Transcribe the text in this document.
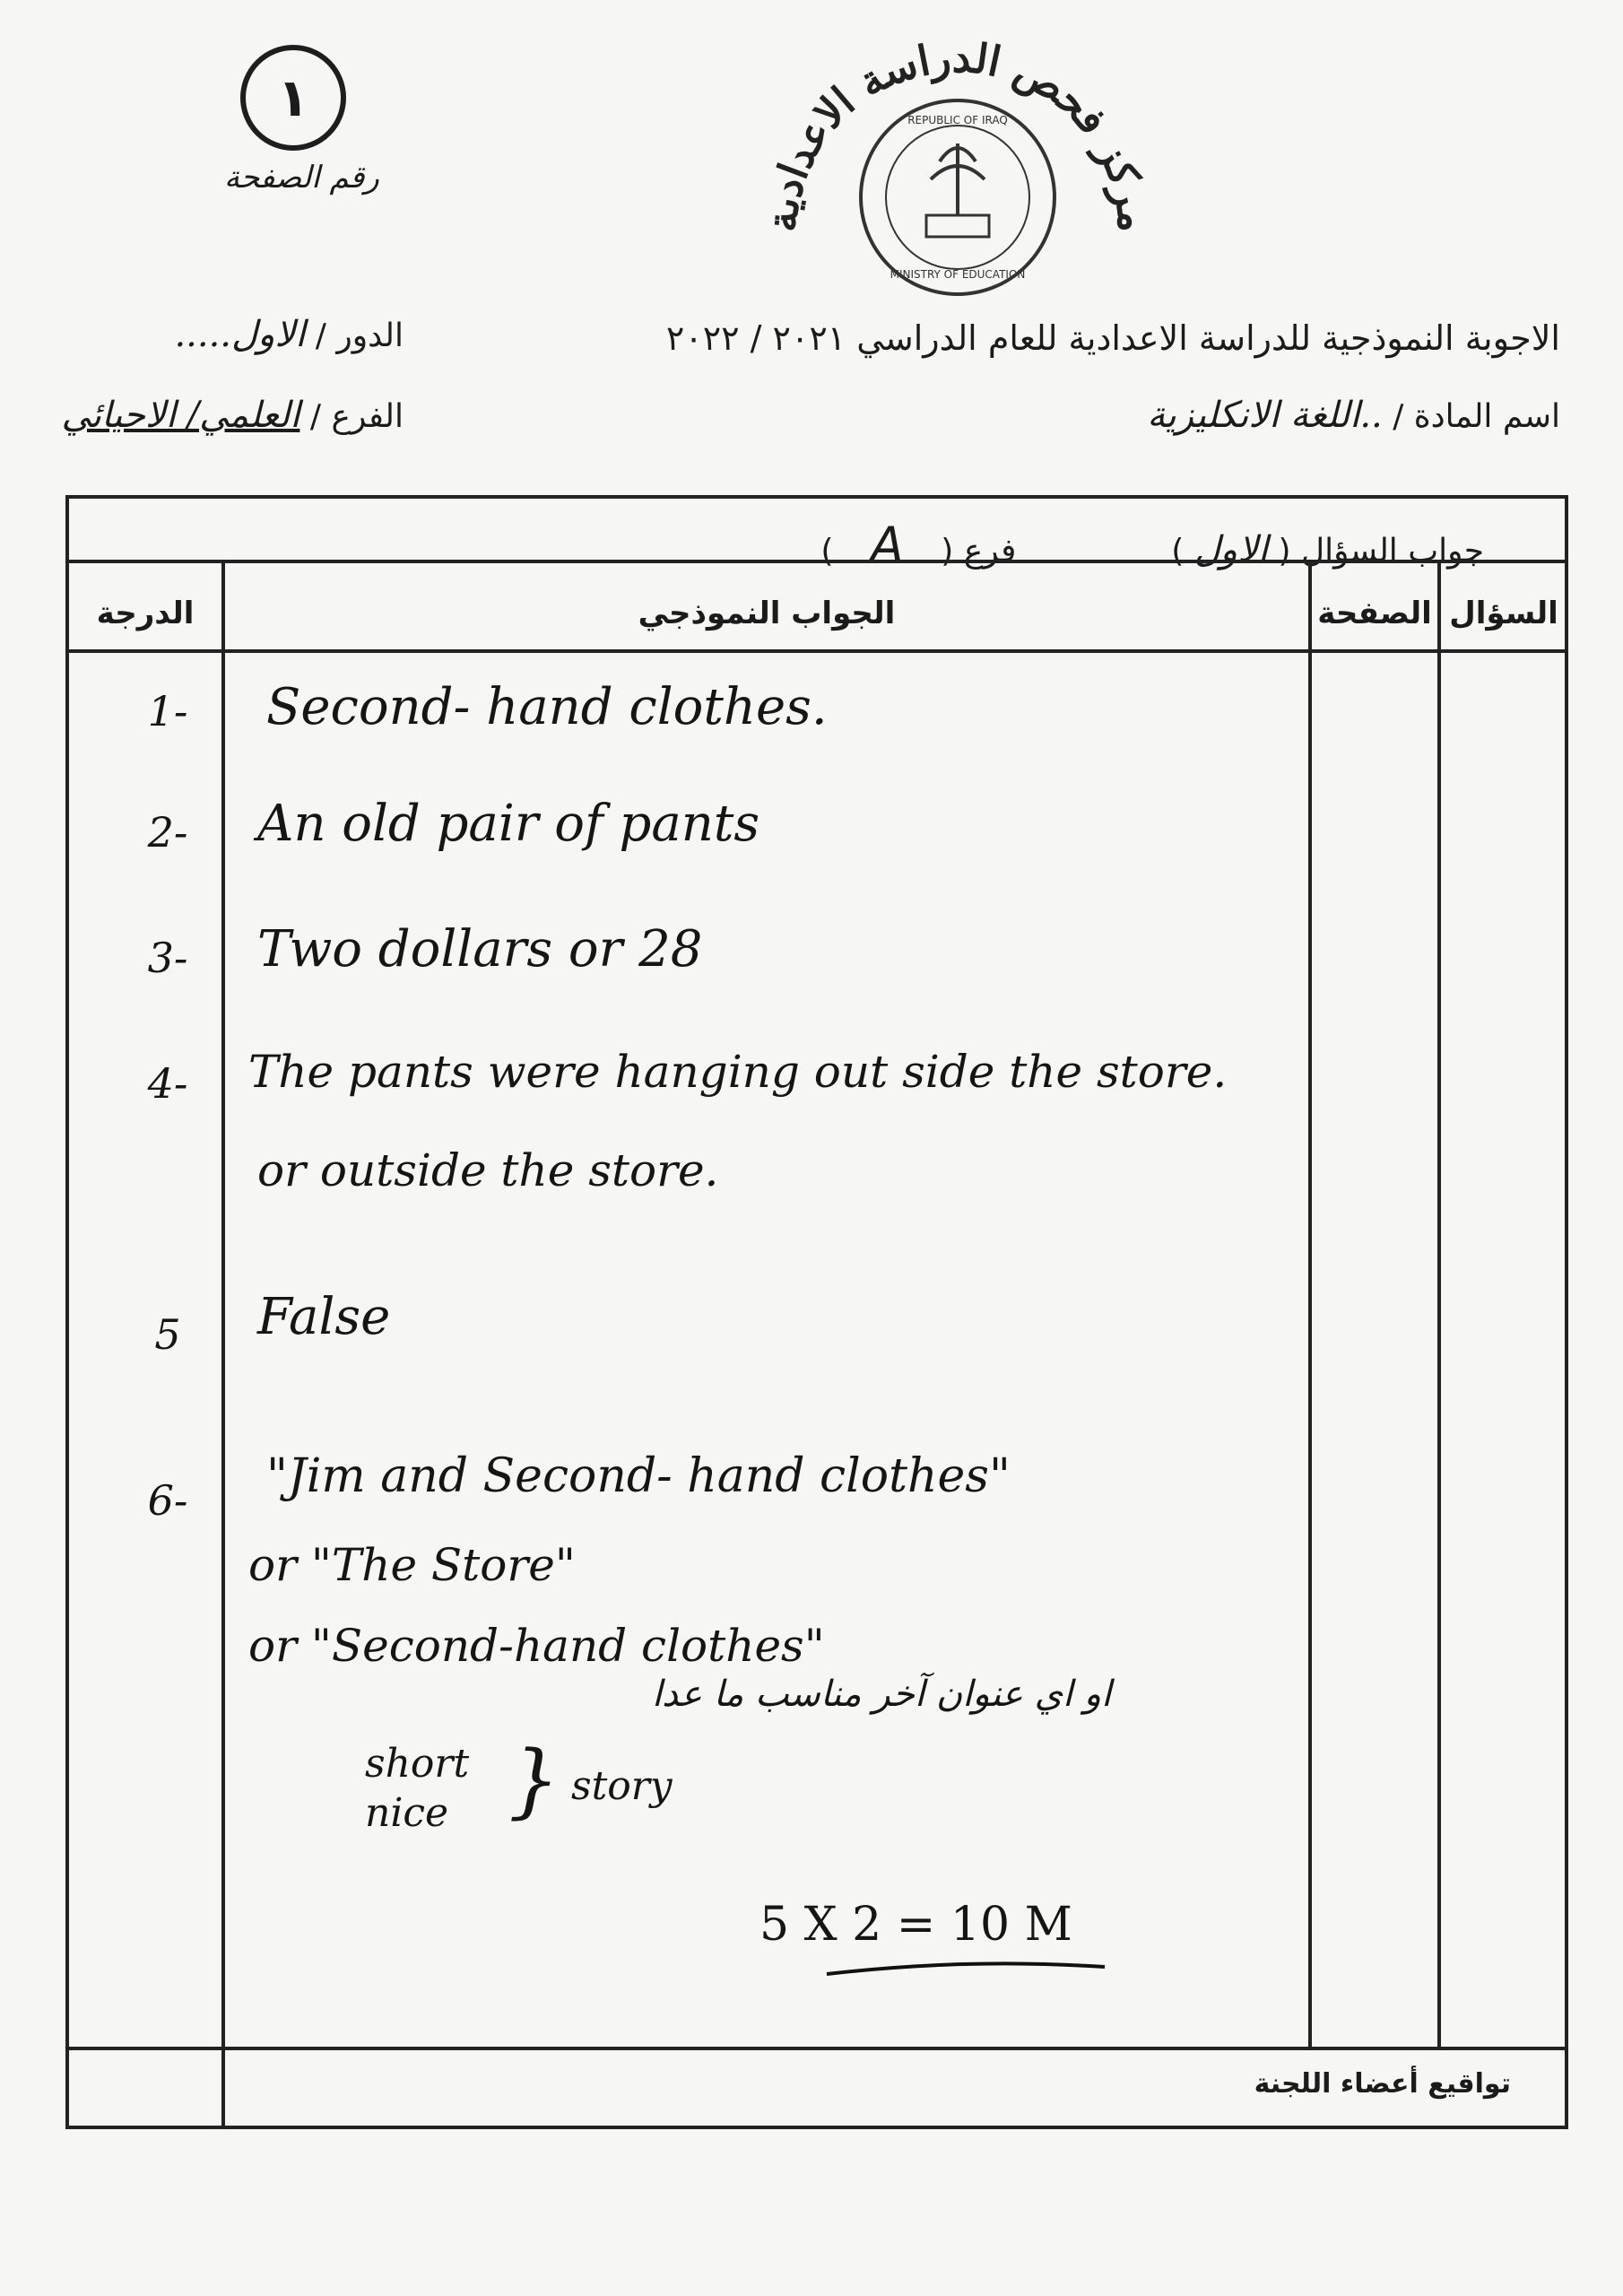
١
رقم الصفحة
مركز فحص الدراسة الاعدادية
REPUBLIC OF IRAQ
MINISTRY OF EDUCATION
الدور / الاول.....
الفرع / العلمي/ الاحيائي
الاجوبة النموذجية للدراسة الاعدادية للعام الدراسي ٢٠٢١ / ٢٠٢٢
اسم المادة / ..اللغة الانكليزية
جواب السؤال ( الاول )  فرع ( A )
الدرجة	الجواب النموذجي	الصفحة السؤال
1-	Second- hand clothes.
2-	An old pair of pants
3-	Two dollars or 28
4-	The pants were hanging out side the store.
or outside the store.
5	False
6-	"Jim and Second- hand clothes"
or "The Store"
or "Second-hand clothes"
او اي عنوان آخر مناسب ما عدا
short
nice } story
5 X 2 = 10 M
تواقيع أعضاء اللجنة
